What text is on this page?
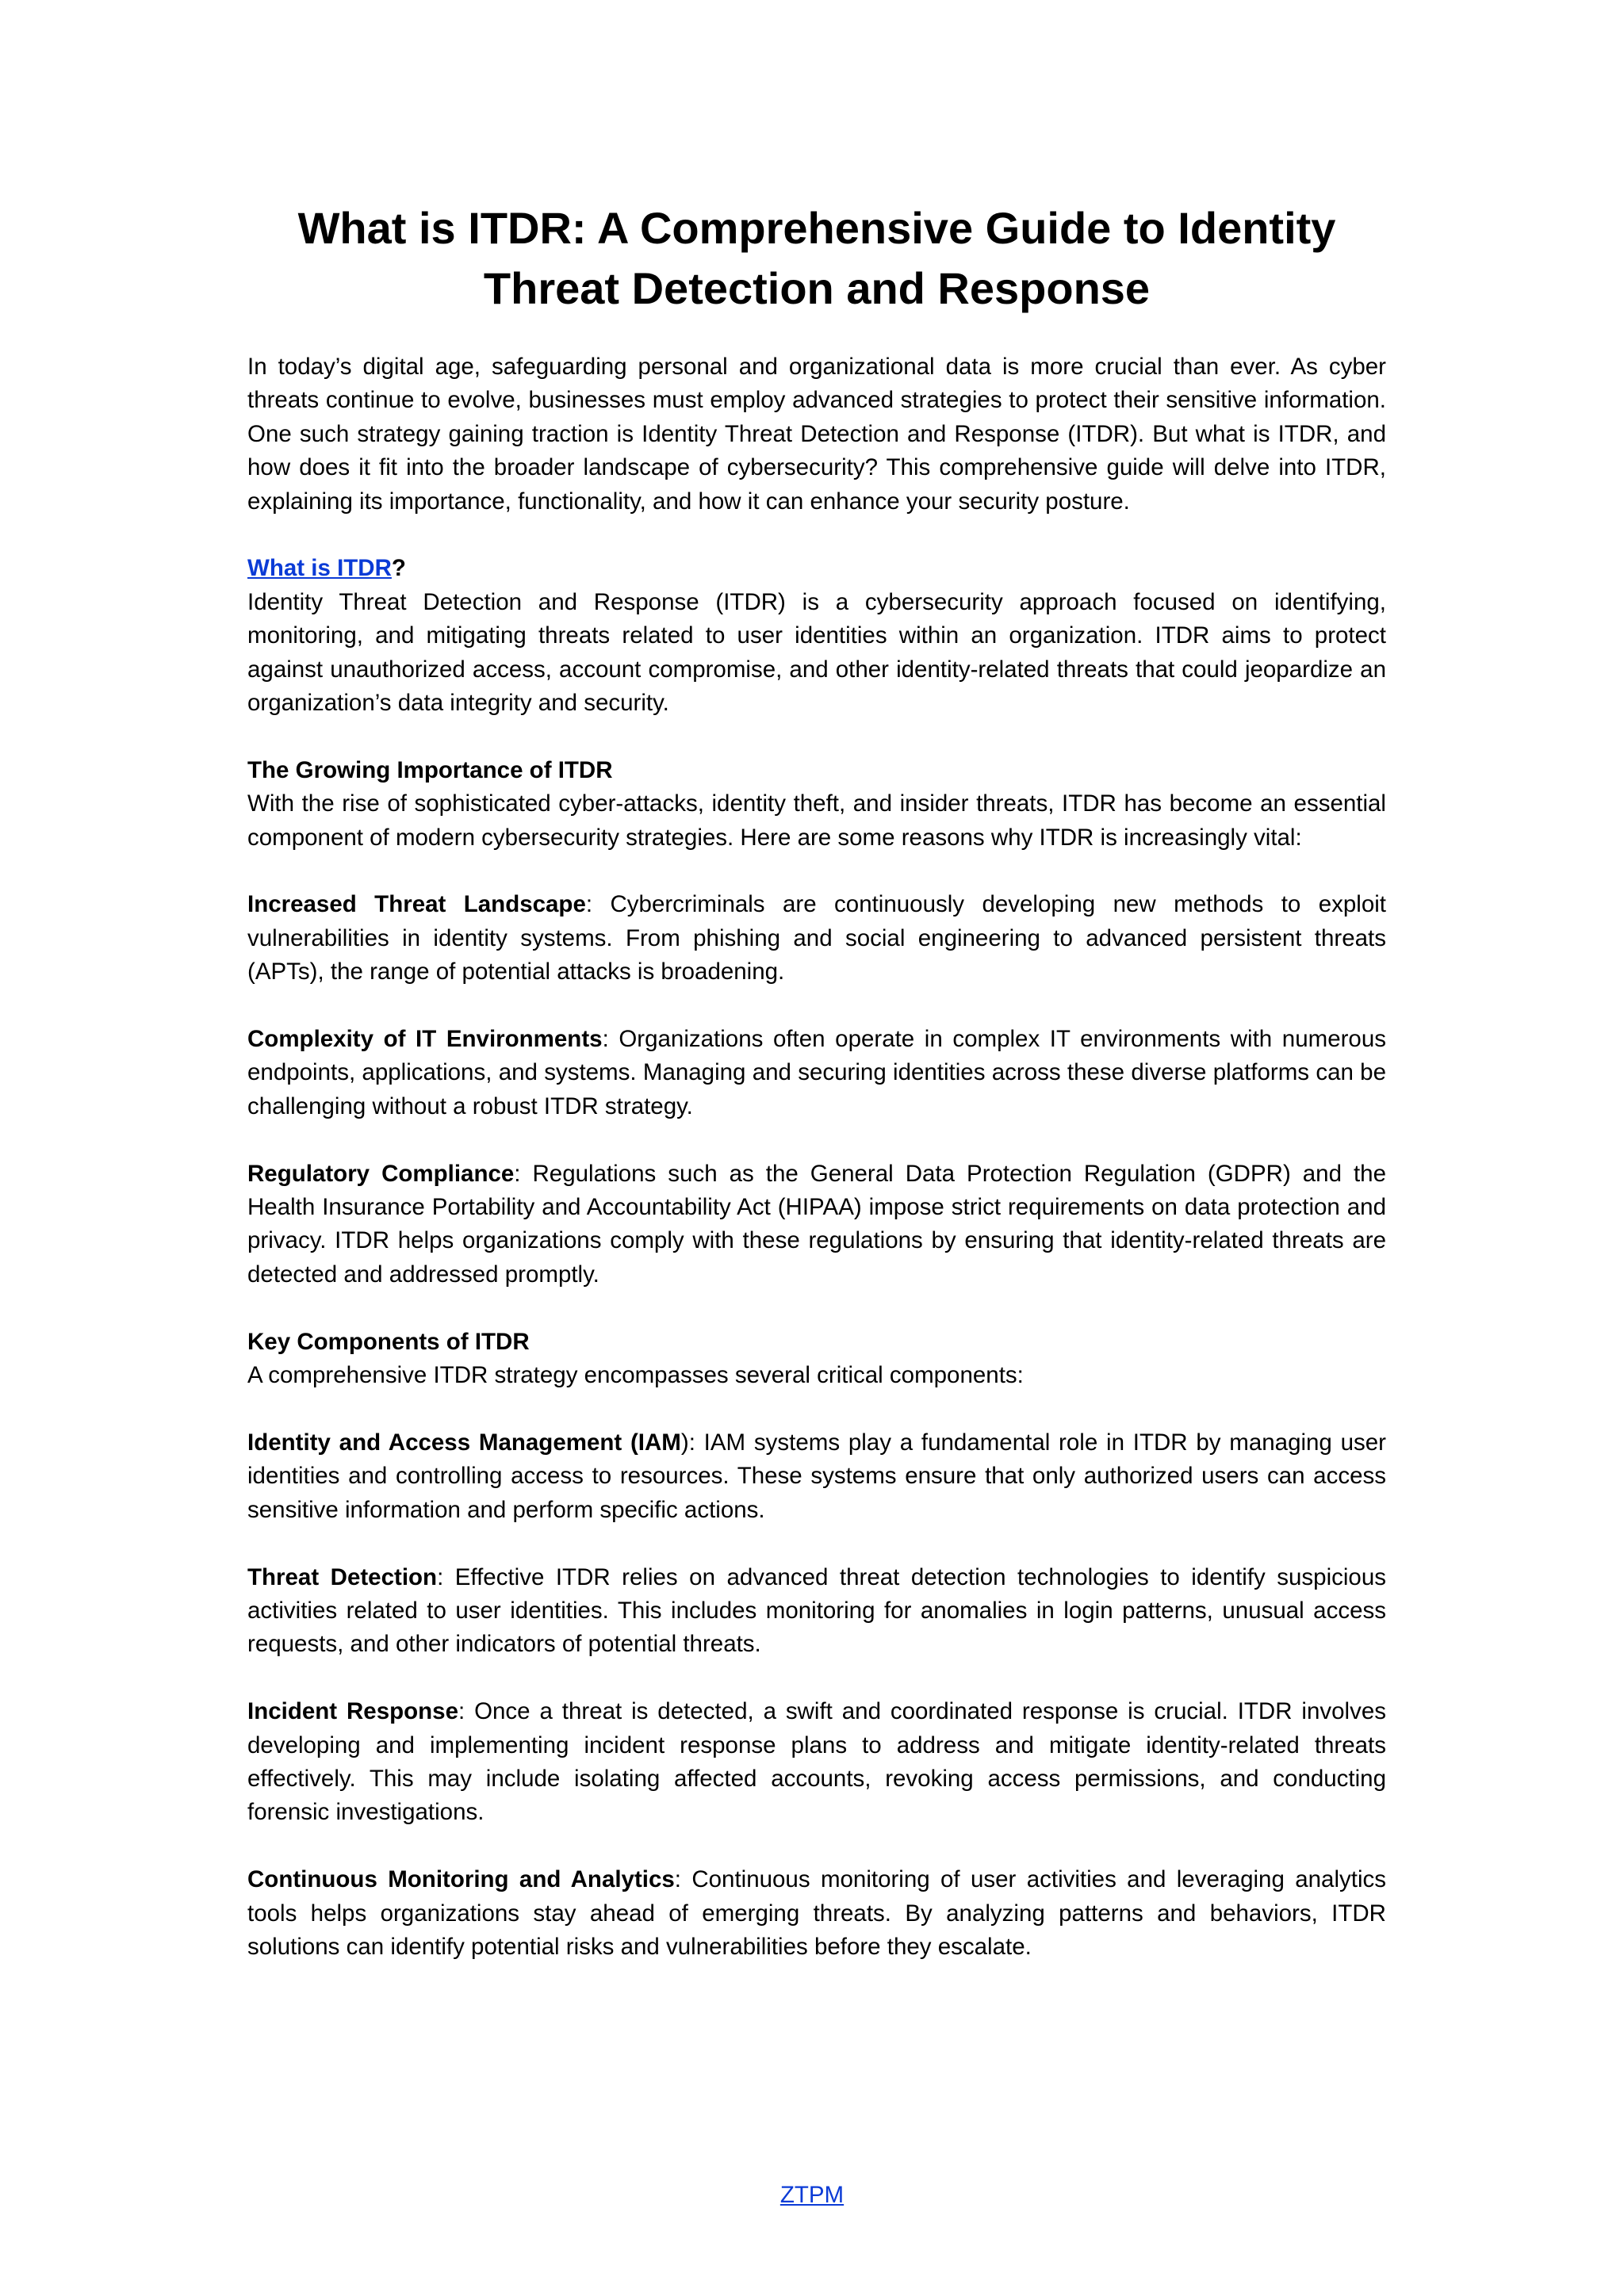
What is ITDR: A Comprehensive Guide to Identity Threat Detection and Response

In today’s digital age, safeguarding personal and organizational data is more crucial than ever. As cyber threats continue to evolve, businesses must employ advanced strategies to protect their sensitive information. One such strategy gaining traction is Identity Threat Detection and Response (ITDR). But what is ITDR, and how does it fit into the broader landscape of cybersecurity? This comprehensive guide will delve into ITDR, explaining its importance, functionality, and how it can enhance your security posture.

What is ITDR?
Identity Threat Detection and Response (ITDR) is a cybersecurity approach focused on identifying, monitoring, and mitigating threats related to user identities within an organization. ITDR aims to protect against unauthorized access, account compromise, and other identity-related threats that could jeopardize an organization’s data integrity and security.

The Growing Importance of ITDR
With the rise of sophisticated cyber-attacks, identity theft, and insider threats, ITDR has become an essential component of modern cybersecurity strategies. Here are some reasons why ITDR is increasingly vital:

Increased Threat Landscape: Cybercriminals are continuously developing new methods to exploit vulnerabilities in identity systems. From phishing and social engineering to advanced persistent threats (APTs), the range of potential attacks is broadening.

Complexity of IT Environments: Organizations often operate in complex IT environments with numerous endpoints, applications, and systems. Managing and securing identities across these diverse platforms can be challenging without a robust ITDR strategy.

Regulatory Compliance: Regulations such as the General Data Protection Regulation (GDPR) and the Health Insurance Portability and Accountability Act (HIPAA) impose strict requirements on data protection and privacy. ITDR helps organizations comply with these regulations by ensuring that identity-related threats are detected and addressed promptly.

Key Components of ITDR
A comprehensive ITDR strategy encompasses several critical components:

Identity and Access Management (IAM): IAM systems play a fundamental role in ITDR by managing user identities and controlling access to resources. These systems ensure that only authorized users can access sensitive information and perform specific actions.

Threat Detection: Effective ITDR relies on advanced threat detection technologies to identify suspicious activities related to user identities. This includes monitoring for anomalies in login patterns, unusual access requests, and other indicators of potential threats.

Incident Response: Once a threat is detected, a swift and coordinated response is crucial. ITDR involves developing and implementing incident response plans to address and mitigate identity-related threats effectively. This may include isolating affected accounts, revoking access permissions, and conducting forensic investigations.

Continuous Monitoring and Analytics: Continuous monitoring of user activities and leveraging analytics tools helps organizations stay ahead of emerging threats. By analyzing patterns and behaviors, ITDR solutions can identify potential risks and vulnerabilities before they escalate.

ZTPM
